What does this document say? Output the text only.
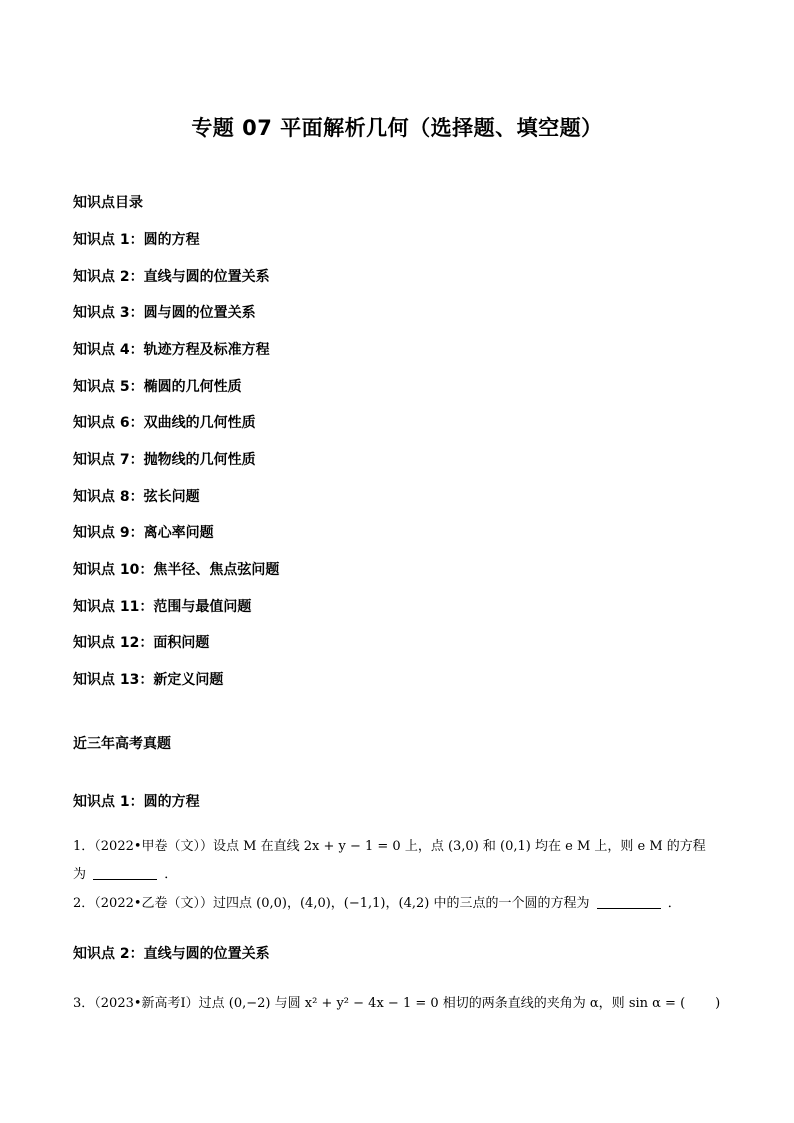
专题 07 平面解析几何（选择题、填空题）
知识点目录
知识点 1：圆的方程
知识点 2：直线与圆的位置关系
知识点 3：圆与圆的位置关系
知识点 4：轨迹方程及标准方程
知识点 5：椭圆的几何性质
知识点 6：双曲线的几何性质
知识点 7：抛物线的几何性质
知识点 8：弦长问题
知识点 9：离心率问题
知识点 10：焦半径、焦点弦问题
知识点 11：范围与最值问题
知识点 12：面积问题
知识点 13：新定义问题
近三年高考真题
知识点 1：圆的方程
1．（2022•甲卷（文））设点 M 在直线 2x + y − 1 = 0 上，点 (3,0) 和 (0,1) 均在 e M 上，则 e M 的方程
为	．
2．（2022•乙卷（文））过四点 (0,0)，(4,0)，(−1,1)，(4,2) 中的三点的一个圆的方程为	．
知识点 2：直线与圆的位置关系
3．（2023•新高考Ⅰ）过点 (0,−2) 与圆 x² + y² − 4x − 1 = 0 相切的两条直线的夹角为 α，则 sin α = ( )
